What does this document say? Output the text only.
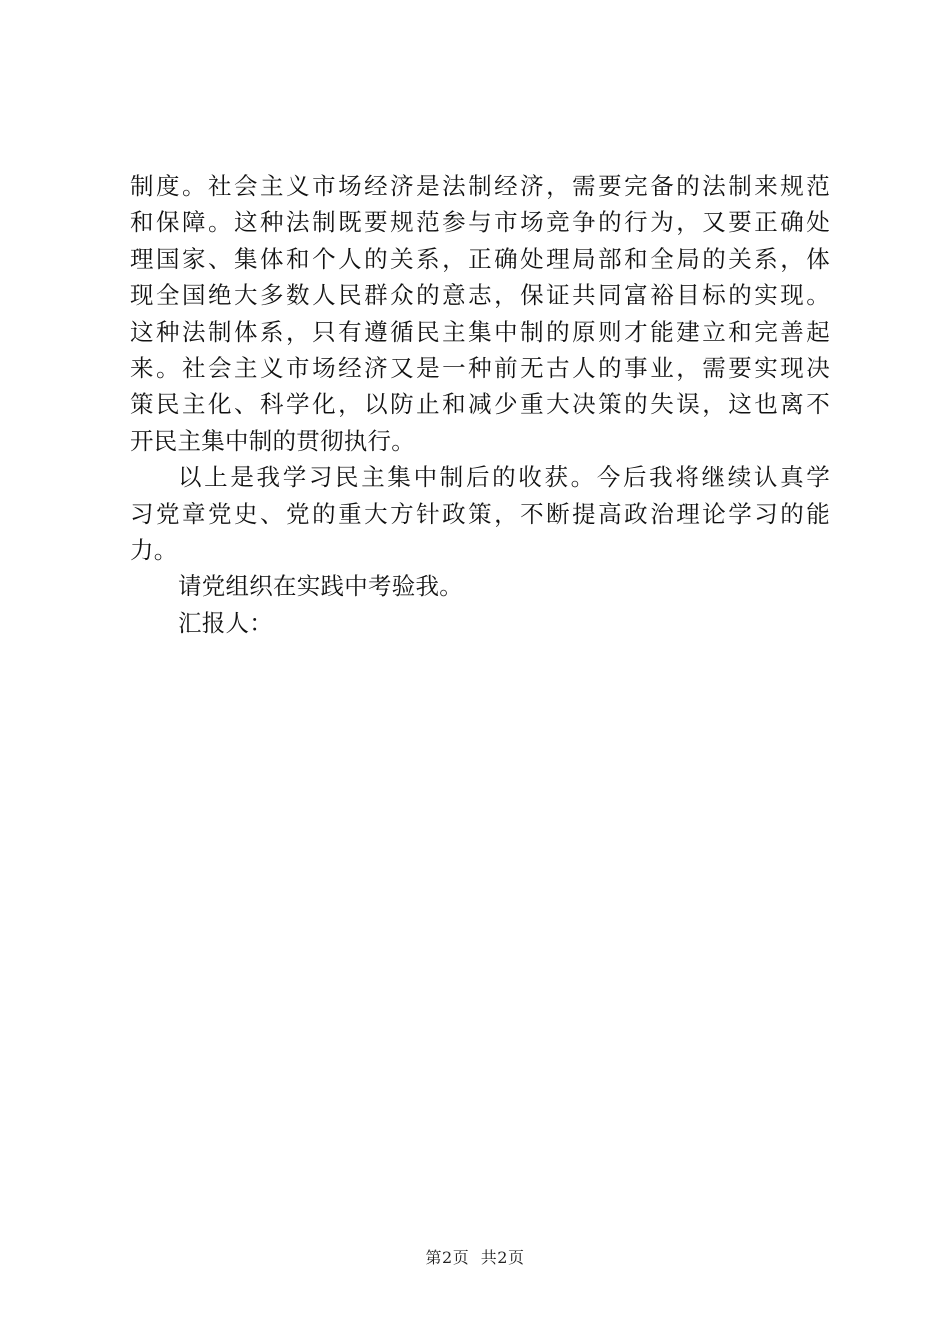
制度。社会主义市场经济是法制经济，需要完备的法制来规范
和保障。这种法制既要规范参与市场竞争的行为，又要正确处
理国家、集体和个人的关系，正确处理局部和全局的关系，体
现全国绝大多数人民群众的意志，保证共同富裕目标的实现。
这种法制体系，只有遵循民主集中制的原则才能建立和完善起
来。社会主义市场经济又是一种前无古人的事业，需要实现决
策民主化、科学化，以防止和减少重大决策的失误，这也离不
开民主集中制的贯彻执行。
以上是我学习民主集中制后的收获。今后我将继续认真学
习党章党史、党的重大方针政策，不断提高政治理论学习的能
力。
请党组织在实践中考验我。
汇报人：
第2页 共2页
